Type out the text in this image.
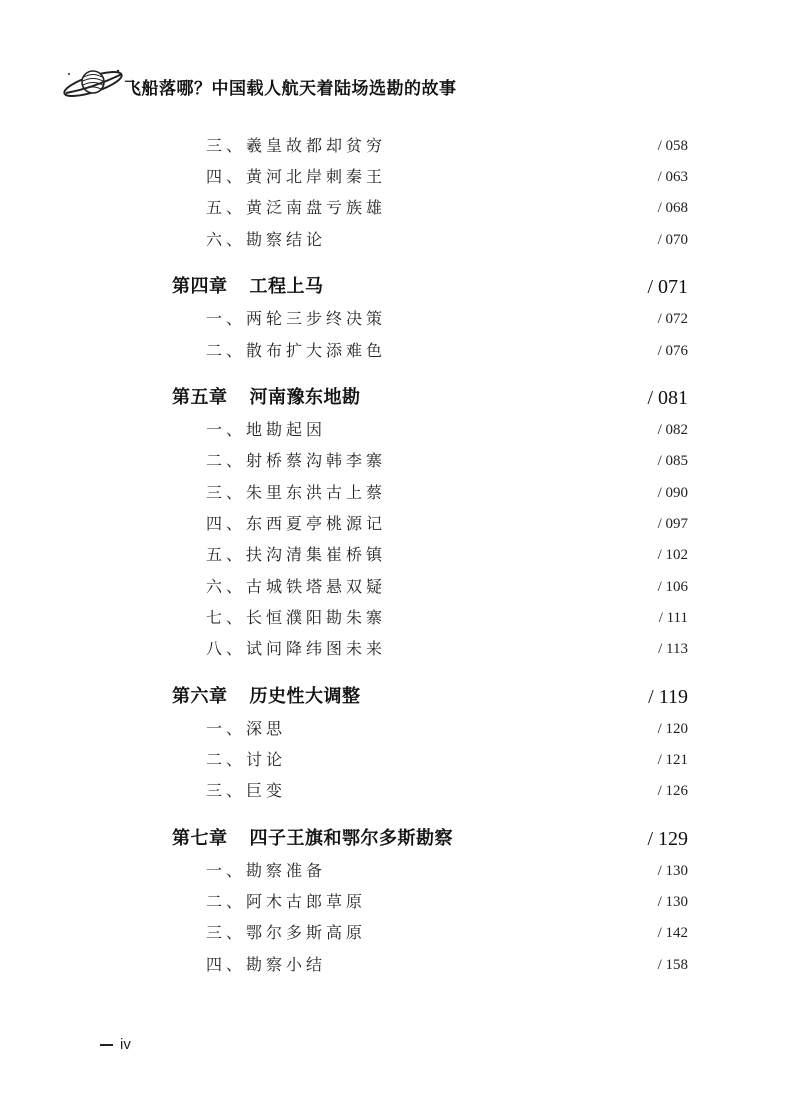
飞船落哪？中国载人航天着陆场选勘的故事
三、羲皇故都却贫穷	/ 058
四、黄河北岸刺秦王	/ 063
五、黄泛南盘亏族雄	/ 068
六、勘察结论	/ 070
第四章 工程上马	/ 071
一、两轮三步终决策	/ 072
二、散布扩大添难色	/ 076
第五章 河南豫东地勘	/ 081
一、地勘起因	/ 082
二、射桥蔡沟韩李寨	/ 085
三、朱里东洪古上蔡	/ 090
四、东西夏亭桃源记	/ 097
五、扶沟清集崔桥镇	/ 102
六、古城铁塔悬双疑	/ 106
七、长恒濮阳勘朱寨	/ 111
八、试问降纬图未来	/ 113
第六章 历史性大调整	/ 119
一、深思	/ 120
二、讨论	/ 121
三、巨变	/ 126
第七章 四子王旗和鄂尔多斯勘察	/ 129
一、勘察准备	/ 130
二、阿木古郎草原	/ 130
三、鄂尔多斯高原	/ 142
四、勘察小结	/ 158
iv
